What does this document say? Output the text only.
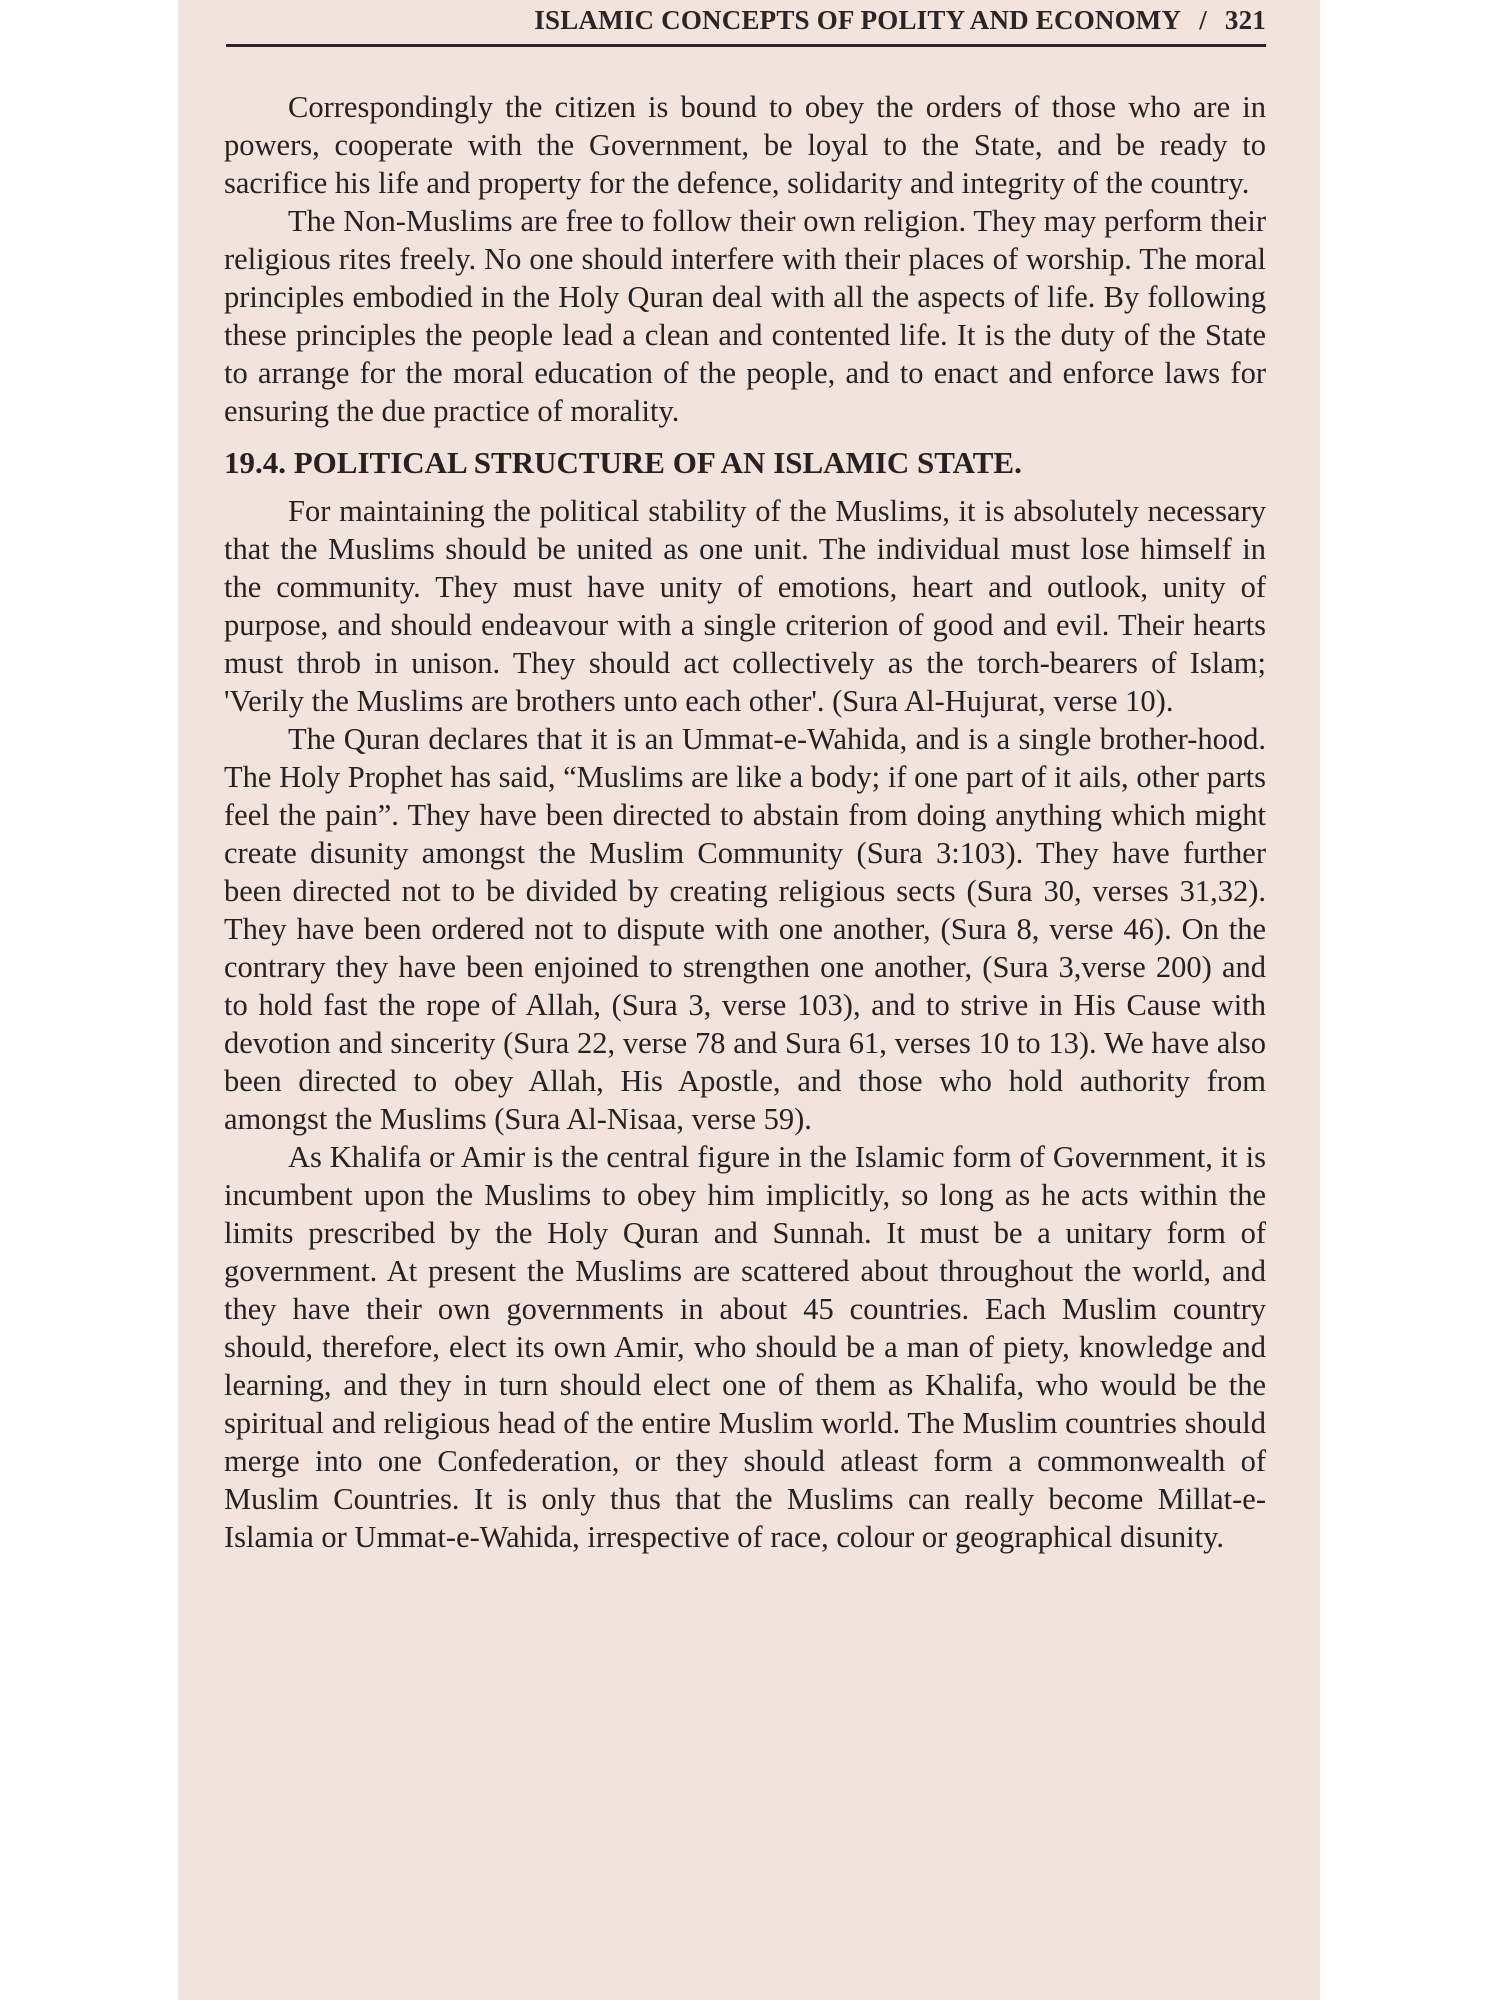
ISLAMIC CONCEPTS OF POLITY AND ECONOMY / 321

Correspondingly the citizen is bound to obey the orders of those who are in powers, cooperate with the Government, be loyal to the State, and be ready to sacrifice his life and property for the defence, solidarity and integrity of the country.

The Non-Muslims are free to follow their own religion. They may perform their religious rites freely. No one should interfere with their places of worship. The moral principles embodied in the Holy Quran deal with all the aspects of life. By following these principles the people lead a clean and contented life. It is the duty of the State to arrange for the moral education of the people, and to enact and enforce laws for ensuring the due practice of morality.

19.4. POLITICAL STRUCTURE OF AN ISLAMIC STATE.

For maintaining the political stability of the Muslims, it is absolutely necessary that the Muslims should be united as one unit. The individual must lose himself in the community. They must have unity of emotions, heart and outlook, unity of purpose, and should endeavour with a single criterion of good and evil. Their hearts must throb in unison. They should act collectively as the torch-bearers of Islam; 'Verily the Muslims are brothers unto each other'. (Sura Al-Hujurat, verse 10).

The Quran declares that it is an Ummat-e-Wahida, and is a single brother-hood. The Holy Prophet has said, “Muslims are like a body; if one part of it ails, other parts feel the pain”. They have been directed to abstain from doing anything which might create disunity amongst the Muslim Community (Sura 3:103). They have further been directed not to be divided by creating religious sects (Sura 30, verses 31,32). They have been ordered not to dispute with one another, (Sura 8, verse 46). On the contrary they have been enjoined to strengthen one another, (Sura 3,verse 200) and to hold fast the rope of Allah, (Sura 3, verse 103), and to strive in His Cause with devotion and sincerity (Sura 22, verse 78 and Sura 61, verses 10 to 13). We have also been directed to obey Allah, His Apostle, and those who hold authority from amongst the Muslims (Sura Al-Nisaa, verse 59).

As Khalifa or Amir is the central figure in the Islamic form of Government, it is incumbent upon the Muslims to obey him implicitly, so long as he acts within the limits prescribed by the Holy Quran and Sunnah. It must be a unitary form of government. At present the Muslims are scattered about throughout the world, and they have their own governments in about 45 countries. Each Muslim country should, therefore, elect its own Amir, who should be a man of piety, knowledge and learning, and they in turn should elect one of them as Khalifa, who would be the spiritual and religious head of the entire Muslim world. The Muslim countries should merge into one Confederation, or they should atleast form a commonwealth of Muslim Countries. It is only thus that the Muslims can really become Millat-e-Islamia or Ummat-e-Wahida, irrespective of race, colour or geographical disunity.
